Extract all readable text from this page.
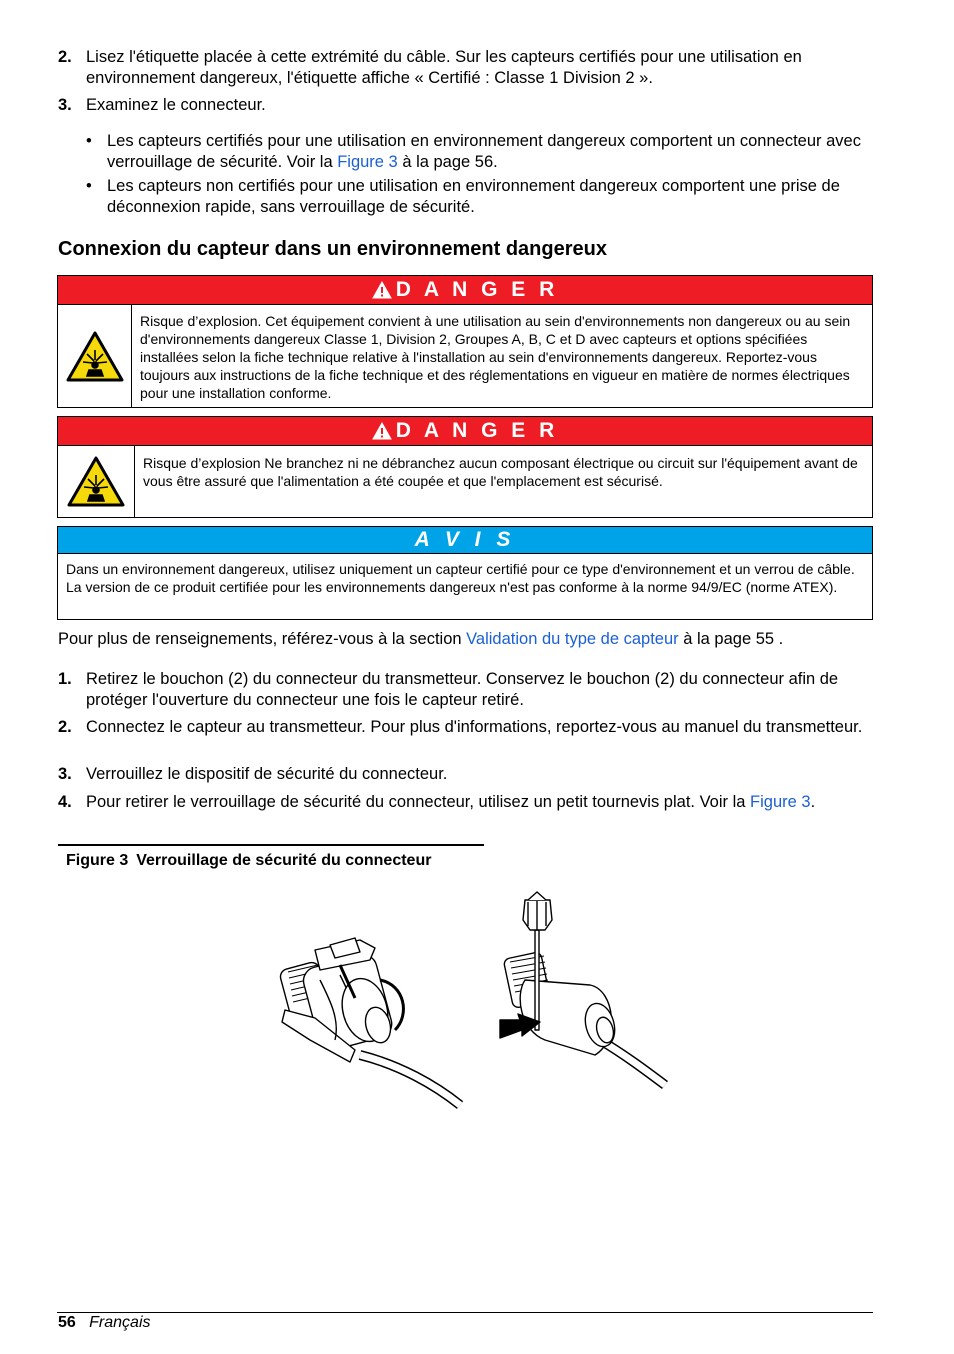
2. Lisez l'étiquette placée à cette extrémité du câble. Sur les capteurs certifiés pour une utilisation en environnement dangereux, l'étiquette affiche « Certifié : Classe 1 Division 2 ».
3. Examinez le connecteur.
• Les capteurs certifiés pour une utilisation en environnement dangereux comportent un connecteur avec verrouillage de sécurité. Voir la Figure 3 à la page 56.
• Les capteurs non certifiés pour une utilisation en environnement dangereux comportent une prise de déconnexion rapide, sans verrouillage de sécurité.
Connexion du capteur dans un environnement dangereux
D A N G E R
Risque d’explosion. Cet équipement convient à une utilisation au sein d'environnements non dangereux ou au sein d'environnements dangereux Classe 1, Division 2, Groupes A, B, C et D avec capteurs et options spécifiées installées selon la fiche technique relative à l'installation au sein d'environnements dangereux. Reportez-vous toujours aux instructions de la fiche technique et des réglementations en vigueur en matière de normes électriques pour une installation conforme.
D A N G E R
Risque d’explosion Ne branchez ni ne débranchez aucun composant électrique ou circuit sur l'équipement avant de vous être assuré que l'alimentation a été coupée et que l'emplacement est sécurisé.
A V I S
Dans un environnement dangereux, utilisez uniquement un capteur certifié pour ce type d'environnement et un verrou de câble. La version de ce produit certifiée pour les environnements dangereux n'est pas conforme à la norme 94/9/EC (norme ATEX).
Pour plus de renseignements, référez-vous à la section Validation du type de capteur à la page 55 .
1. Retirez le bouchon (2) du connecteur du transmetteur. Conservez le bouchon (2) du connecteur afin de protéger l'ouverture du connecteur une fois le capteur retiré.
2. Connectez le capteur au transmetteur. Pour plus d'informations, reportez-vous au manuel du transmetteur.
3. Verrouillez le dispositif de sécurité du connecteur.
4. Pour retirer le verrouillage de sécurité du connecteur, utilisez un petit tournevis plat. Voir la Figure 3.
Figure 3 Verrouillage de sécurité du connecteur
56 Français
